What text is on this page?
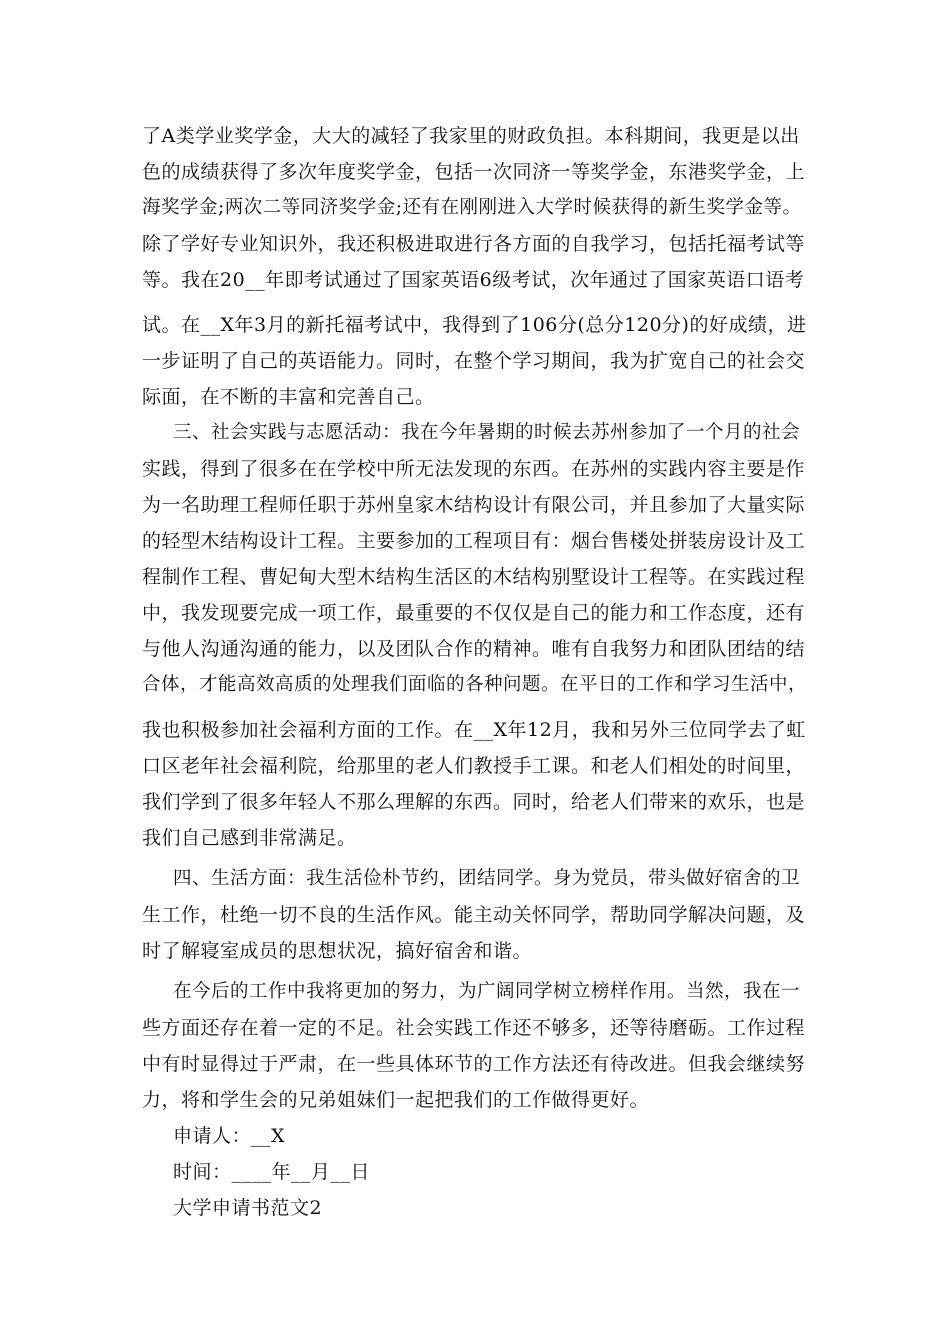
了A类学业奖学金，大大的减轻了我家里的财政负担。本科期间，我更是以出
色的成绩获得了多次年度奖学金，包括一次同济一等奖学金，东港奖学金，上
海奖学金;两次二等同济奖学金;还有在刚刚进入大学时候获得的新生奖学金等。
除了学好专业知识外，我还积极进取进行各方面的自我学习，包括托福考试等
等。我在20__年即考试通过了国家英语6级考试，次年通过了国家英语口语考
试。在__X年3月的新托福考试中，我得到了106分(总分120分)的好成绩，进
一步证明了自己的英语能力。同时，在整个学习期间，我为扩宽自己的社会交
际面，在不断的丰富和完善自己。
三、社会实践与志愿活动：我在今年暑期的时候去苏州参加了一个月的社会
实践，得到了很多在在学校中所无法发现的东西。在苏州的实践内容主要是作
为一名助理工程师任职于苏州皇家木结构设计有限公司，并且参加了大量实际
的轻型木结构设计工程。主要参加的工程项目有：烟台售楼处拼装房设计及工
程制作工程、曹妃甸大型木结构生活区的木结构别墅设计工程等。在实践过程
中，我发现要完成一项工作，最重要的不仅仅是自己的能力和工作态度，还有
与他人沟通沟通的能力，以及团队合作的精神。唯有自我努力和团队团结的结
合体，才能高效高质的处理我们面临的各种问题。在平日的工作和学习生活中，
我也积极参加社会福利方面的工作。在__X年12月，我和另外三位同学去了虹
口区老年社会福利院，给那里的老人们教授手工课。和老人们相处的时间里，
我们学到了很多年轻人不那么理解的东西。同时，给老人们带来的欢乐，也是
我们自己感到非常满足。
四、生活方面：我生活俭朴节约，团结同学。身为党员，带头做好宿舍的卫
生工作，杜绝一切不良的生活作风。能主动关怀同学，帮助同学解决问题，及
时了解寝室成员的思想状况，搞好宿舍和谐。
在今后的工作中我将更加的努力，为广阔同学树立榜样作用。当然，我在一
些方面还存在着一定的不足。社会实践工作还不够多，还等待磨砺。工作过程
中有时显得过于严肃，在一些具体环节的工作方法还有待改进。但我会继续努
力，将和学生会的兄弟姐妹们一起把我们的工作做得更好。
申请人：__X
时间：____年__月__日
大学申请书范文2
